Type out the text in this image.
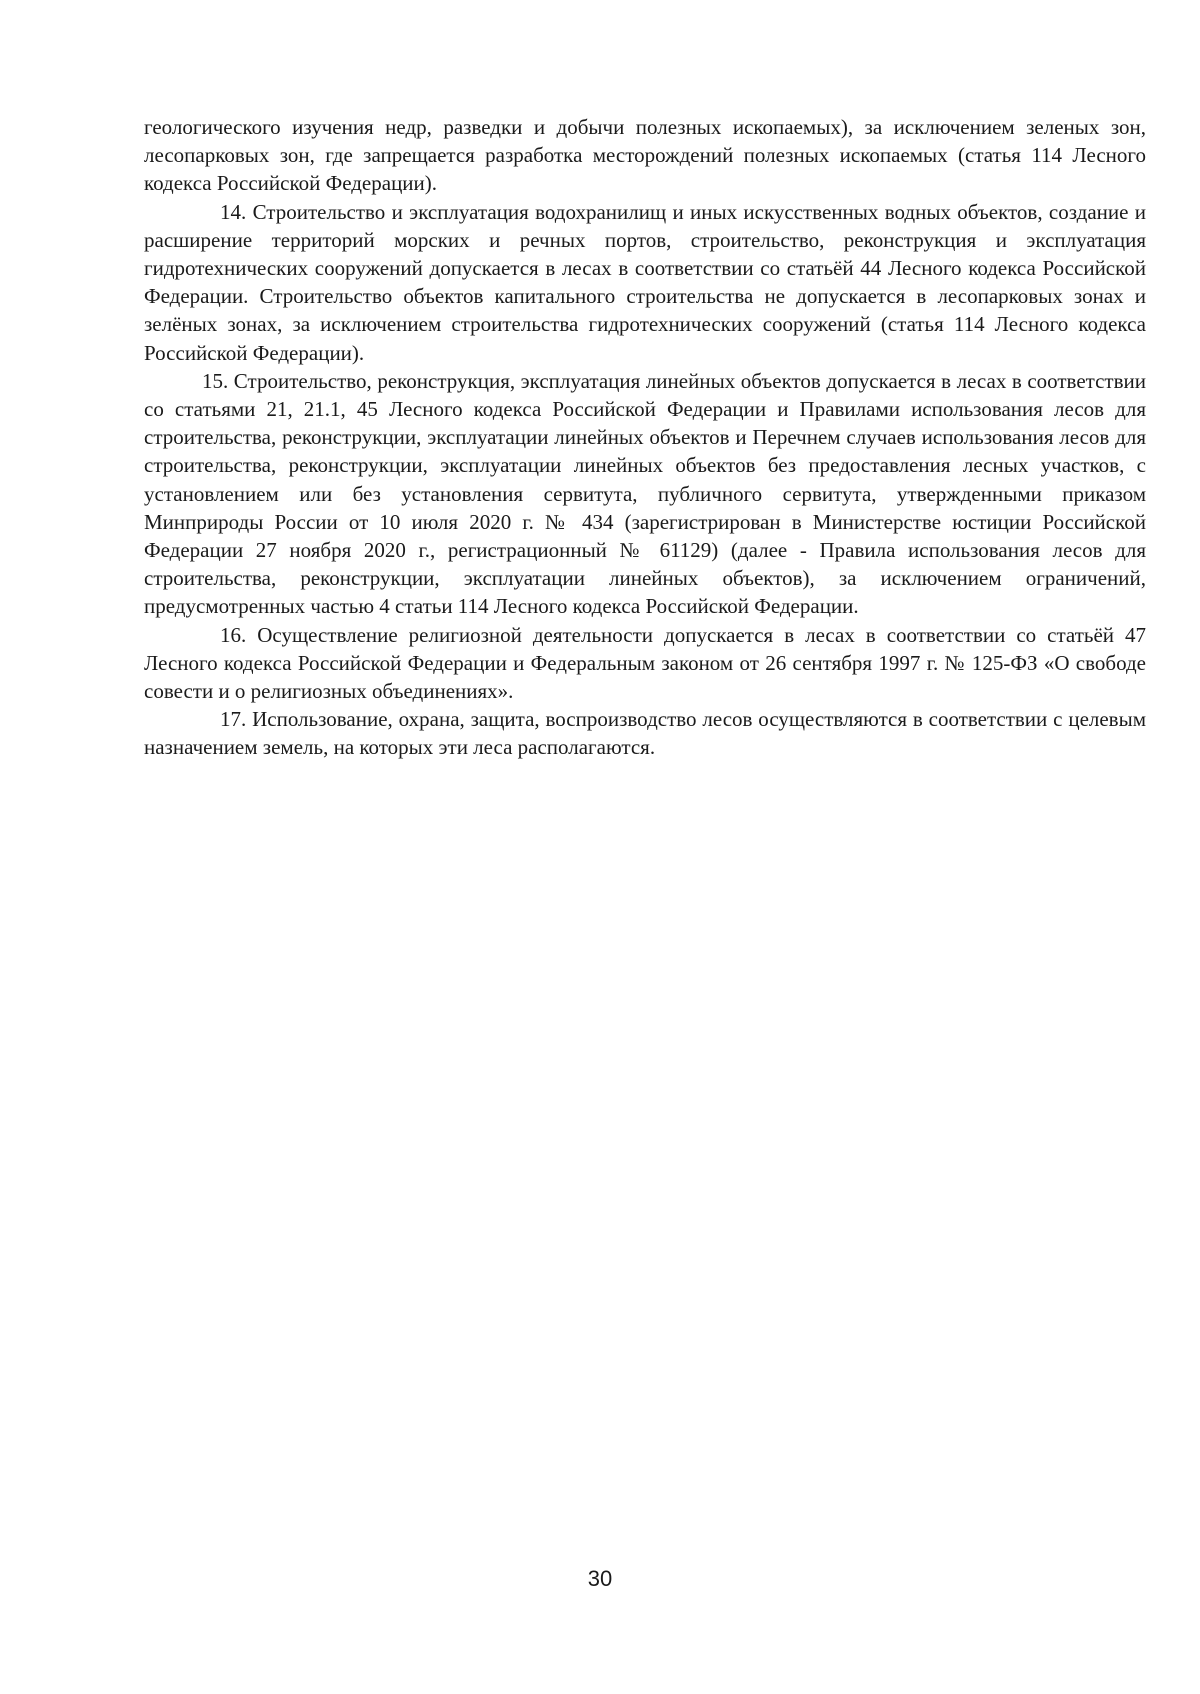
геологического изучения недр, разведки и добычи полезных ископаемых), за исключением зеленых зон, лесопарковых зон, где запрещается разработка месторождений полезных ископаемых (статья 114 Лесного кодекса Российской Федерации).

14. Строительство и эксплуатация водохранилищ и иных искусственных водных объектов, создание и расширение территорий морских и речных портов, строительство, реконструкция и эксплуатация гидротехнических сооружений допускается в лесах в соответствии со статьёй 44 Лесного кодекса Российской Федерации. Строительство объектов капитального строительства не допускается в лесопарковых зонах и зелёных зонах, за исключением строительства гидротехнических сооружений (статья 114 Лесного кодекса Российской Федерации).

15. Строительство, реконструкция, эксплуатация линейных объектов допускается в лесах в соответствии со статьями 21, 21.1, 45 Лесного кодекса Российской Федерации и Правилами использования лесов для строительства, реконструкции, эксплуатации линейных объектов и Перечнем случаев использования лесов для строительства, реконструкции, эксплуатации линейных объектов без предоставления лесных участков, с установлением или без установления сервитута, публичного сервитута, утвержденными приказом Минприроды России от 10 июля 2020 г. № 434 (зарегистрирован в Министерстве юстиции Российской Федерации 27 ноября 2020 г., регистрационный № 61129) (далее - Правила использования лесов для строительства, реконструкции, эксплуатации линейных объектов), за исключением ограничений, предусмотренных частью 4 статьи 114 Лесного кодекса Российской Федерации.

16. Осуществление религиозной деятельности допускается в лесах в соответствии со статьёй 47 Лесного кодекса Российской Федерации и Федеральным законом от 26 сентября 1997 г. № 125-ФЗ «О свободе совести и о религиозных объединениях».

17. Использование, охрана, защита, воспроизводство лесов осуществляются в соответствии с целевым назначением земель, на которых эти леса располагаются.

30
